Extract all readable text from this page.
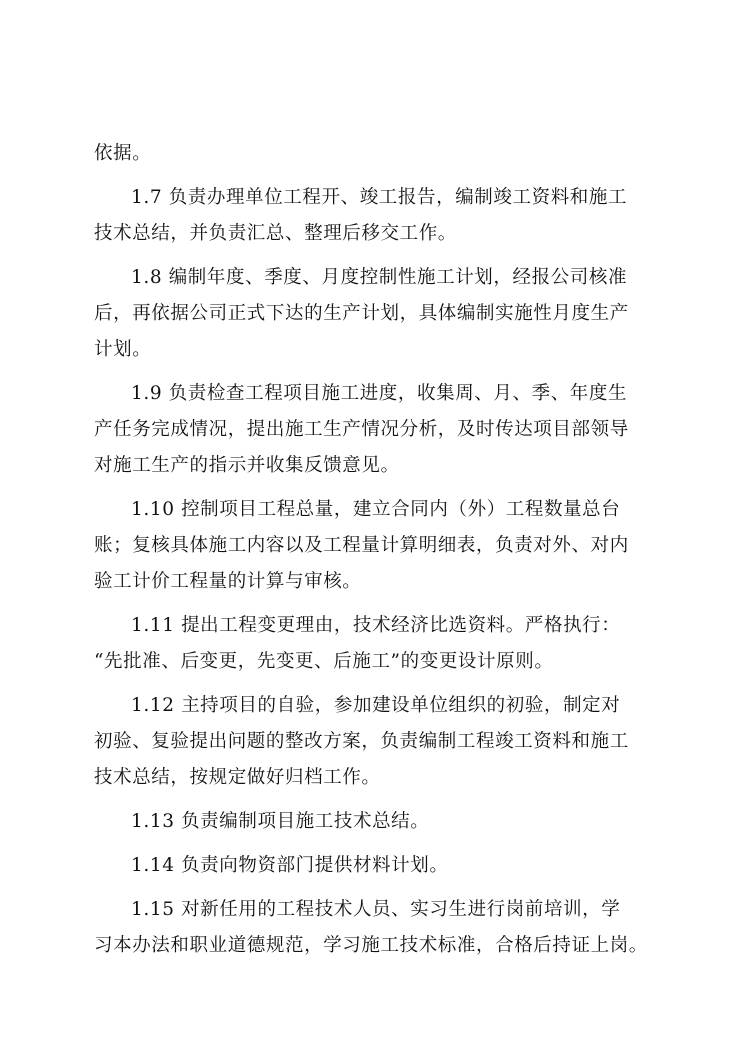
依据。

1.7 负责办理单位工程开、竣工报告，编制竣工资料和施工
技术总结，并负责汇总、整理后移交工作。

1.8 编制年度、季度、月度控制性施工计划，经报公司核准
后，再依据公司正式下达的生产计划，具体编制实施性月度生产
计划。

1.9 负责检查工程项目施工进度，收集周、月、季、年度生
产任务完成情况，提出施工生产情况分析，及时传达项目部领导
对施工生产的指示并收集反馈意见。

1.10 控制项目工程总量，建立合同内（外）工程数量总台
账；复核具体施工内容以及工程量计算明细表，负责对外、对内
验工计价工程量的计算与审核。

1.11 提出工程变更理由，技术经济比选资料。严格执行：
“先批准、后变更，先变更、后施工”的变更设计原则。

1.12 主持项目的自验，参加建设单位组织的初验，制定对
初验、复验提出问题的整改方案，负责编制工程竣工资料和施工
技术总结，按规定做好归档工作。

1.13 负责编制项目施工技术总结。

1.14 负责向物资部门提供材料计划。

1.15 对新任用的工程技术人员、实习生进行岗前培训，学
习本办法和职业道德规范，学习施工技术标准，合格后持证上岗。
